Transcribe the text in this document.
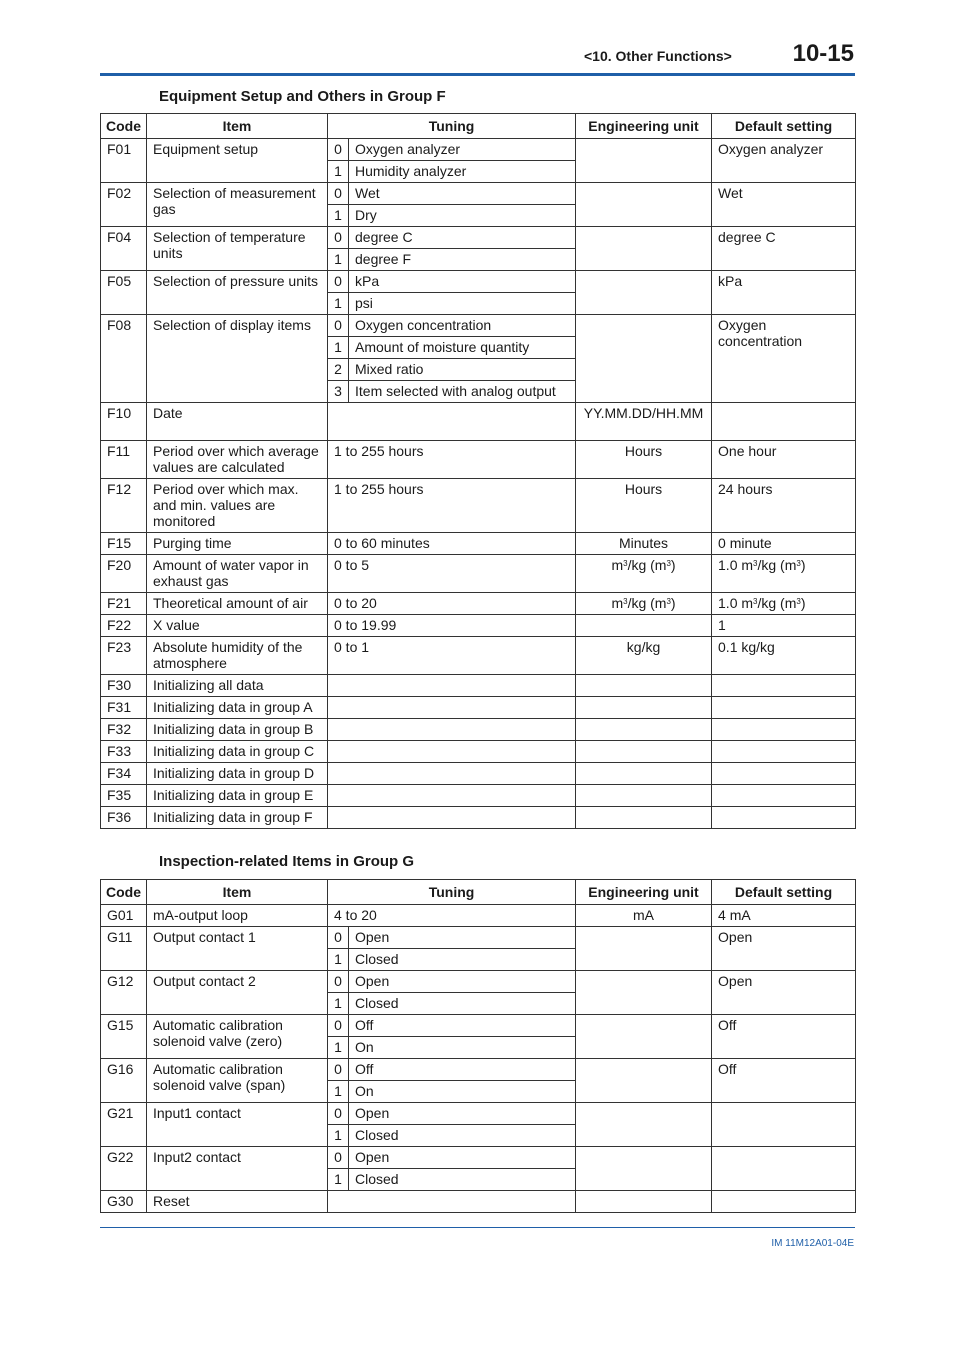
<10. Other Functions>	10-15
Equipment Setup and Others in Group F
Code	Item	Tuning		Engineering unit	Default setting
F01	Equipment setup	0	Oxygen analyzer		Oxygen analyzer
		1	Humidity analyzer		
F02	Selection of measurement gas	0	Wet		Wet
		1	Dry		
F04	Selection of temperature units	0	degree C		degree C
		1	degree F		
F05	Selection of pressure units	0	kPa		kPa
		1	psi		
F08	Selection of display items	0	Oxygen concentration		Oxygen concentration
		1	Amount of moisture quantity		
		2	Mixed ratio		
		3	Item selected with analog output		
F10	Date			YY.MM.DD/HH.MM	
F11	Period over which average values are calculated	1 to 255 hours		Hours	One hour
F12	Period over which max. and min. values are monitored	1 to 255 hours		Hours	24 hours
F15	Purging time	0 to 60 minutes		Minutes	0 minute
F20	Amount of water vapor in exhaust gas	0 to 5		$m^3/kg$ $(m^3)$	1.0 $m^3/kg$ $(m^3)$
F21	Theoretical amount of air	0 to 20		$m^3/kg$ $(m^3)$	1.0 $m^3/kg$ $(m^3)$
F22	X value	0 to 19.99			1
F23	Absolute humidity of the atmosphere	0 to 1		kg/kg	0.1 kg/kg
F30	Initializing all data				
F31	Initializing data in group A				
F32	Initializing data in group B				
F33	Initializing data in group C				
F34	Initializing data in group D				
F35	Initializing data in group E				
F36	Initializing data in group F				
Inspection-related Items in Group G
Code	Item	Tuning		Engineering unit	Default setting
G01	mA-output loop	4 to 20		mA	4 mA
G11	Output contact 1	0	Open		Open
		1	Closed		
G12	Output contact 2	0	Open		Open
		1	Closed		
G15	Automatic calibration solenoid valve (zero)	0	Off		Off
		1	On		
G16	Automatic calibration solenoid valve (span)	0	Off		Off
		1	On		
G21	Input1 contact	0	Open		
		1	Closed		
G22	Input2 contact	0	Open		
		1	Closed		
G30	Reset				
IM 11M12A01-04E
